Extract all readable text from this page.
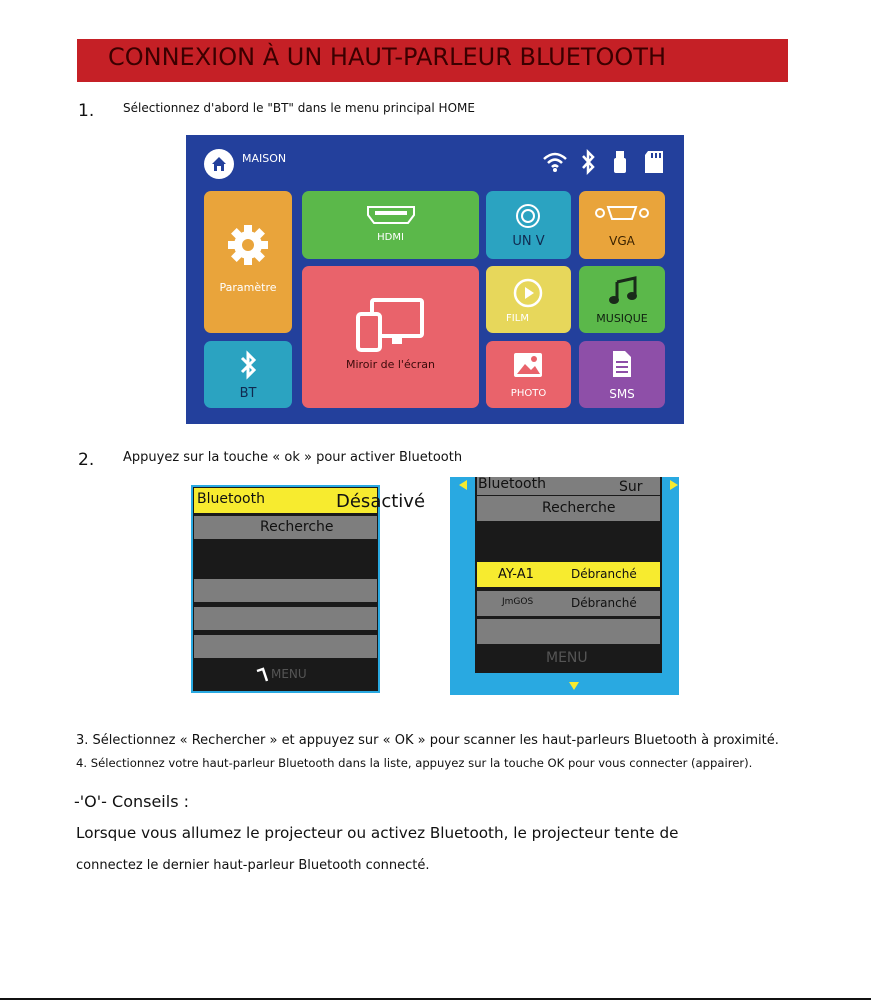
CONNEXION À UN HAUT-PARLEUR BLUETOOTH
1. Sélectionnez d'abord le "BT" dans le menu principal HOME
MAISON
Paramètre
HDMI	UN V	VGA
Miroir de l'écran
FILM	MUSIQUE
BT	PHOTO	SMS
2. Appuyez sur la touche « ok » pour activer Bluetooth
Bluetooth
Recherche
MENU
Désactivé
Bluetooth	Sur
Recherche
AY-A1	Débranché
JmGOS	Débranché
MENU
3. Sélectionnez « Rechercher » et appuyez sur « OK » pour scanner les haut-parleurs Bluetooth à proximité.
4. Sélectionnez votre haut-parleur Bluetooth dans la liste, appuyez sur la touche OK pour vous connecter (appairer).
-'O'- Conseils :
Lorsque vous allumez le projecteur ou activez Bluetooth, le projecteur tente de
connectez le dernier haut-parleur Bluetooth connecté.
